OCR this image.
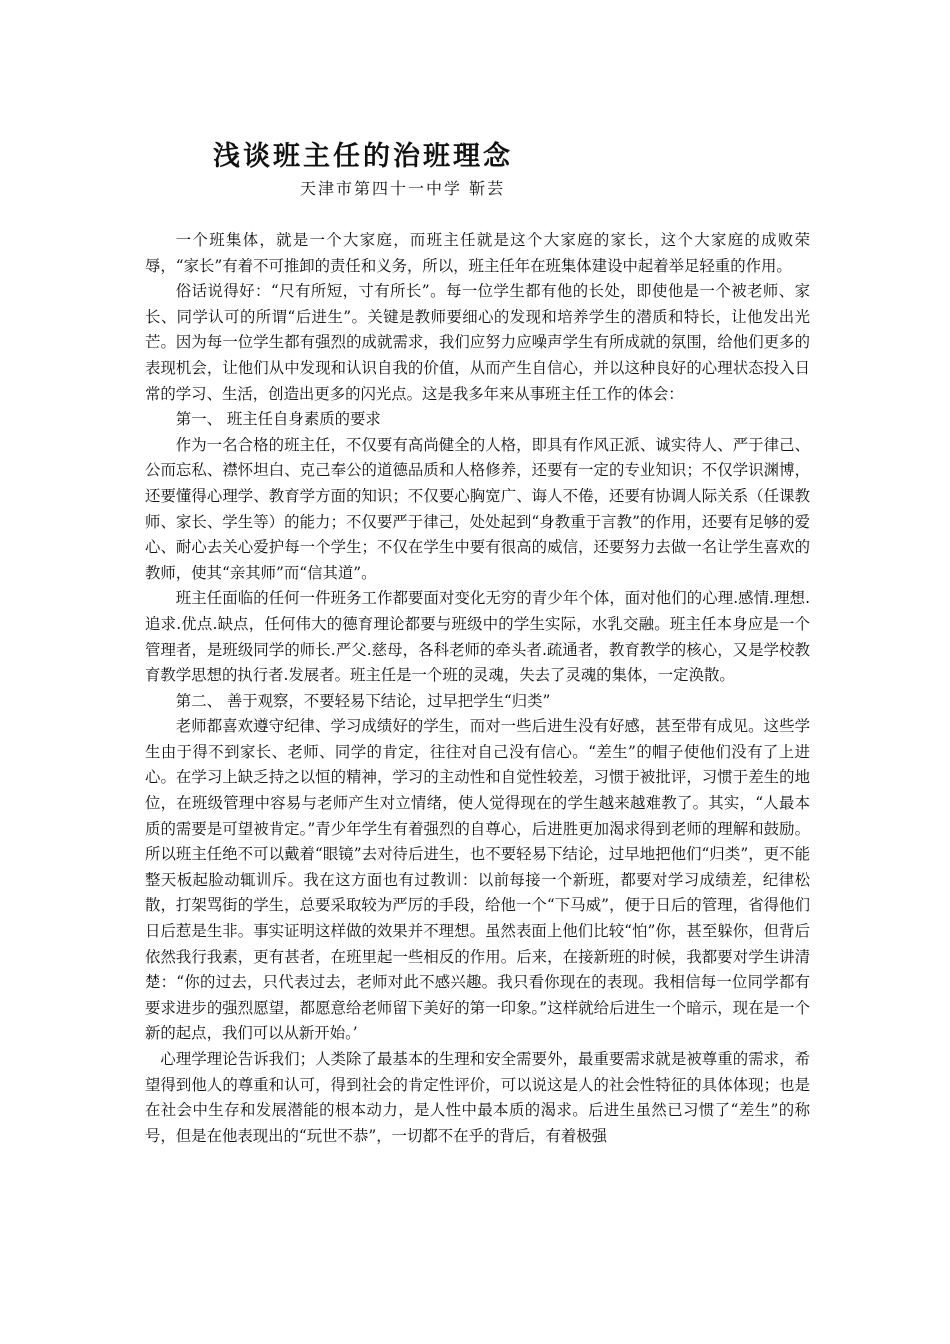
浅谈班主任的治班理念
天津市第四十一中学 靳芸

一个班集体，就是一个大家庭，而班主任就是这个大家庭的家长，这个大家庭的成败荣辱，“家长”有着不可推卸的责任和义务，所以，班主任年在班集体建设中起着举足轻重的作用。

俗话说得好：“尺有所短，寸有所长”。每一位学生都有他的长处，即使他是一个被老师、家长、同学认可的所谓“后进生”。关键是教师要细心的发现和培养学生的潜质和特长，让他发出光芒。因为每一位学生都有强烈的成就需求，我们应努力应噪声学生有所成就的氛围，给他们更多的表现机会，让他们从中发现和认识自我的价值，从而产生自信心，并以这种良好的心理状态投入日常的学习、生活，创造出更多的闪光点。这是我多年来从事班主任工作的体会：

第一、 班主任自身素质的要求

作为一名合格的班主任，不仅要有高尚健全的人格，即具有作风正派、诚实待人、严于律己、公而忘私、襟怀坦白、克己奉公的道德品质和人格修养，还要有一定的专业知识；不仅学识渊博，还要懂得心理学、教育学方面的知识；不仅要心胸宽广、诲人不倦，还要有协调人际关系（任课教师、家长、学生等）的能力；不仅要严于律己，处处起到“身教重于言教”的作用，还要有足够的爱心、耐心去关心爱护每一个学生；不仅在学生中要有很高的威信，还要努力去做一名让学生喜欢的教师，使其“亲其师”而“信其道”。

班主任面临的任何一件班务工作都要面对变化无穷的青少年个体，面对他们的心理.感情.理想.追求.优点.缺点，任何伟大的德育理论都要与班级中的学生实际，水乳交融。班主任本身应是一个管理者，是班级同学的师长.严父.慈母，各科老师的牵头者.疏通者，教育教学的核心，又是学校教育教学思想的执行者.发展者。班主任是一个班的灵魂，失去了灵魂的集体，一定涣散。

第二、 善于观察，不要轻易下结论，过早把学生“归类”

老师都喜欢遵守纪律、学习成绩好的学生，而对一些后进生没有好感，甚至带有成见。这些学生由于得不到家长、老师、同学的肯定，往往对自己没有信心。“差生”的帽子使他们没有了上进心。在学习上缺乏持之以恒的精神，学习的主动性和自觉性较差，习惯于被批评，习惯于差生的地位，在班级管理中容易与老师产生对立情绪，使人觉得现在的学生越来越难教了。其实，“人最本质的需要是可望被肯定。”青少年学生有着强烈的自尊心，后进胜更加渴求得到老师的理解和鼓励。所以班主任绝不可以戴着“眼镜”去对待后进生，也不要轻易下结论，过早地把他们“归类”，更不能整天板起脸动辄训斥。我在这方面也有过教训：以前每接一个新班，都要对学习成绩差，纪律松散，打架骂街的学生，总要采取较为严厉的手段，给他一个“下马威”，便于日后的管理，省得他们日后惹是生非。事实证明这样做的效果并不理想。虽然表面上他们比较“怕”你，甚至躲你，但背后依然我行我素，更有甚者，在班里起一些相反的作用。后来，在接新班的时候，我都要对学生讲清楚：“你的过去，只代表过去，老师对此不感兴趣。我只看你现在的表现。我相信每一位同学都有要求进步的强烈愿望，都愿意给老师留下美好的第一印象。”这样就给后进生一个暗示，现在是一个新的起点，我们可以从新开始。’

心理学理论告诉我们；人类除了最基本的生理和安全需要外，最重要需求就是被尊重的需求，希望得到他人的尊重和认可，得到社会的肯定性评价，可以说这是人的社会性特征的具体体现；也是在社会中生存和发展潜能的根本动力，是人性中最本质的渴求。后进生虽然已习惯了“差生”的称号，但是在他表现出的“玩世不恭”，一切都不在乎的背后，有着极强
